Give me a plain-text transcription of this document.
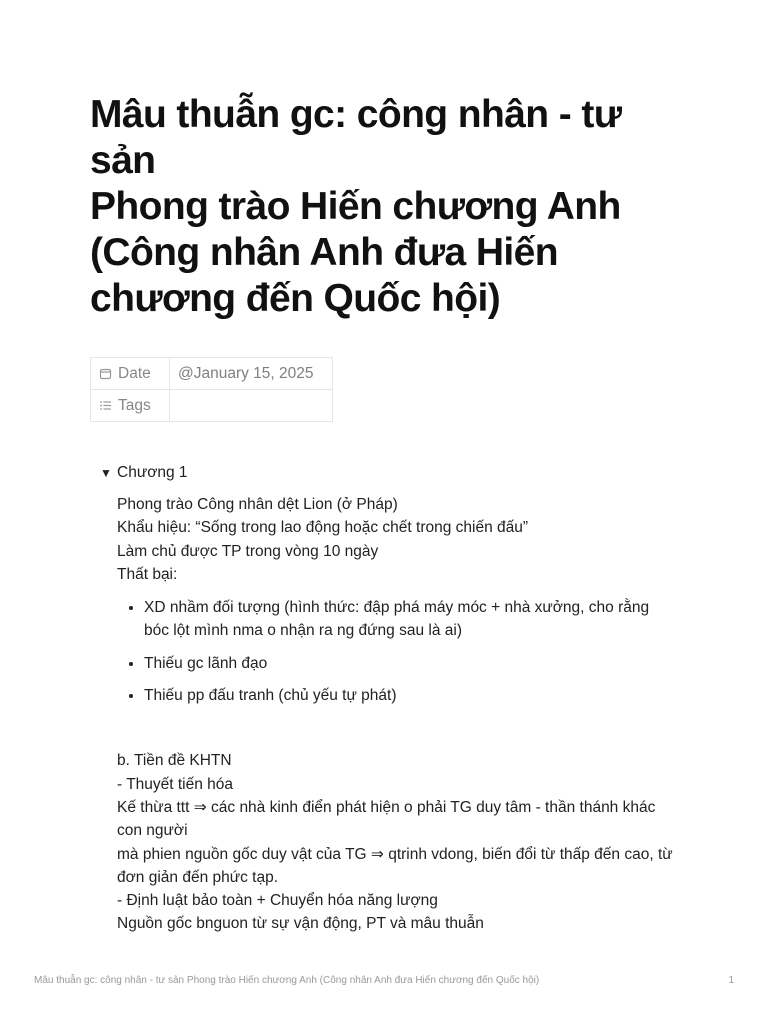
Mâu thuẫn gc: công nhân - tư sản
Phong trào Hiến chương Anh
(Công nhân Anh đưa Hiến chương đến Quốc hội)
Date	@January 15, 2025

Tags	

▼ Chương 1

Phong trào Công nhân dệt Lion (ở Pháp)

Khẩu hiệu: “Sống trong lao động hoặc chết trong chiến đấu”

Làm chủ được TP trong vòng 10 ngày

Thất bại:

• XD nhầm đối tượng (hình thức: đập phá máy móc + nhà xưởng, cho rằng bóc lột mình nma o nhận ra ng đứng sau là ai)
• Thiếu gc lãnh đạo
• Thiếu pp đấu tranh (chủ yếu tự phát)

b. Tiền đề KHTN

- Thuyết tiến hóa

Kế thừa ttt ⇒ các nhà kinh điển phát hiện o phải TG duy tâm - thần thánh khác con người

mà phien nguồn gốc duy vật của TG ⇒ qtrinh vdong, biến đổi từ thấp đến cao, từ đơn giản đến phức tạp.

- Định luật bảo toàn + Chuyển hóa năng lượng

Nguồn gốc bnguon từ sự vận động, PT và mâu thuẫn

Mâu thuẫn gc: công nhân - tư sản Phong trào Hiến chương Anh (Công nhân Anh đưa Hiến chương đến Quốc hội)	1
